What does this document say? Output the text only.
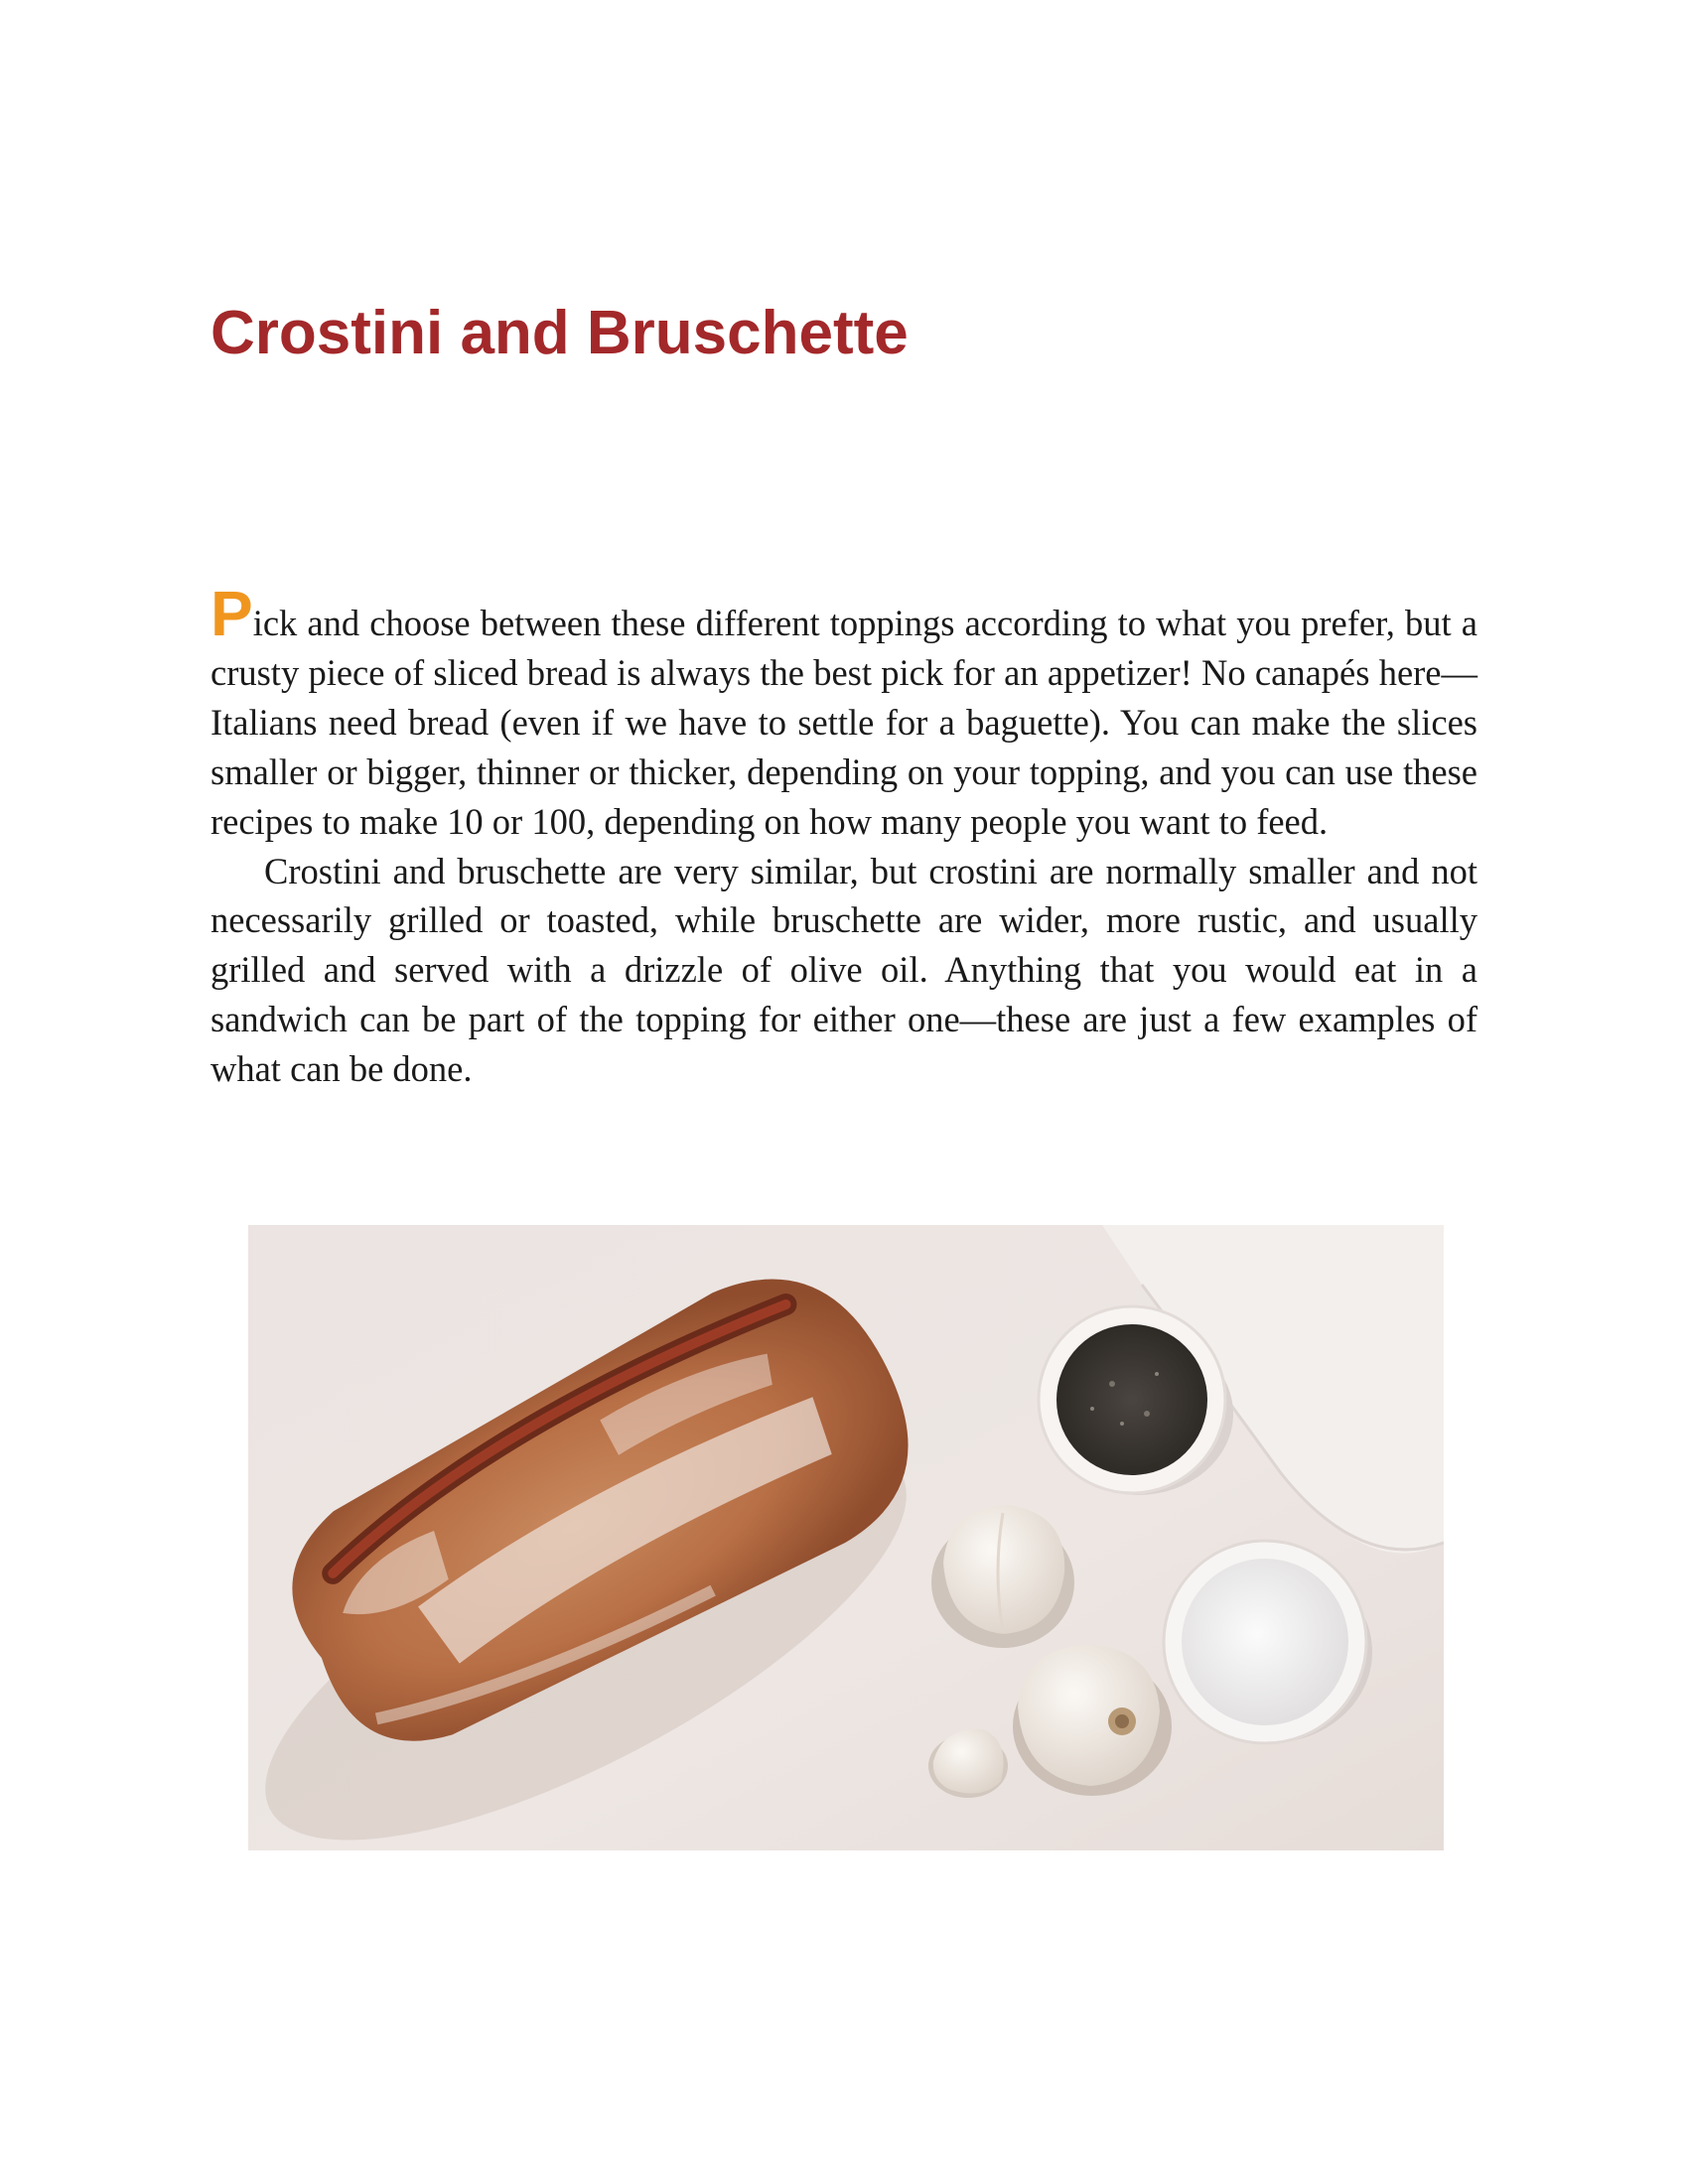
Crostini and Bruschette

Pick and choose between these different toppings according to what you prefer, but a crusty piece of sliced bread is always the best pick for an appetizer! No canapés here—Italians need bread (even if we have to settle for a baguette). You can make the slices smaller or bigger, thinner or thicker, depending on your topping, and you can use these recipes to make 10 or 100, depending on how many people you want to feed.

Crostini and bruschette are very similar, but crostini are normally smaller and not necessarily grilled or toasted, while bruschette are wider, more rustic, and usually grilled and served with a drizzle of olive oil. Anything that you would eat in a sandwich can be part of the topping for either one—these are just a few examples of what can be done.
